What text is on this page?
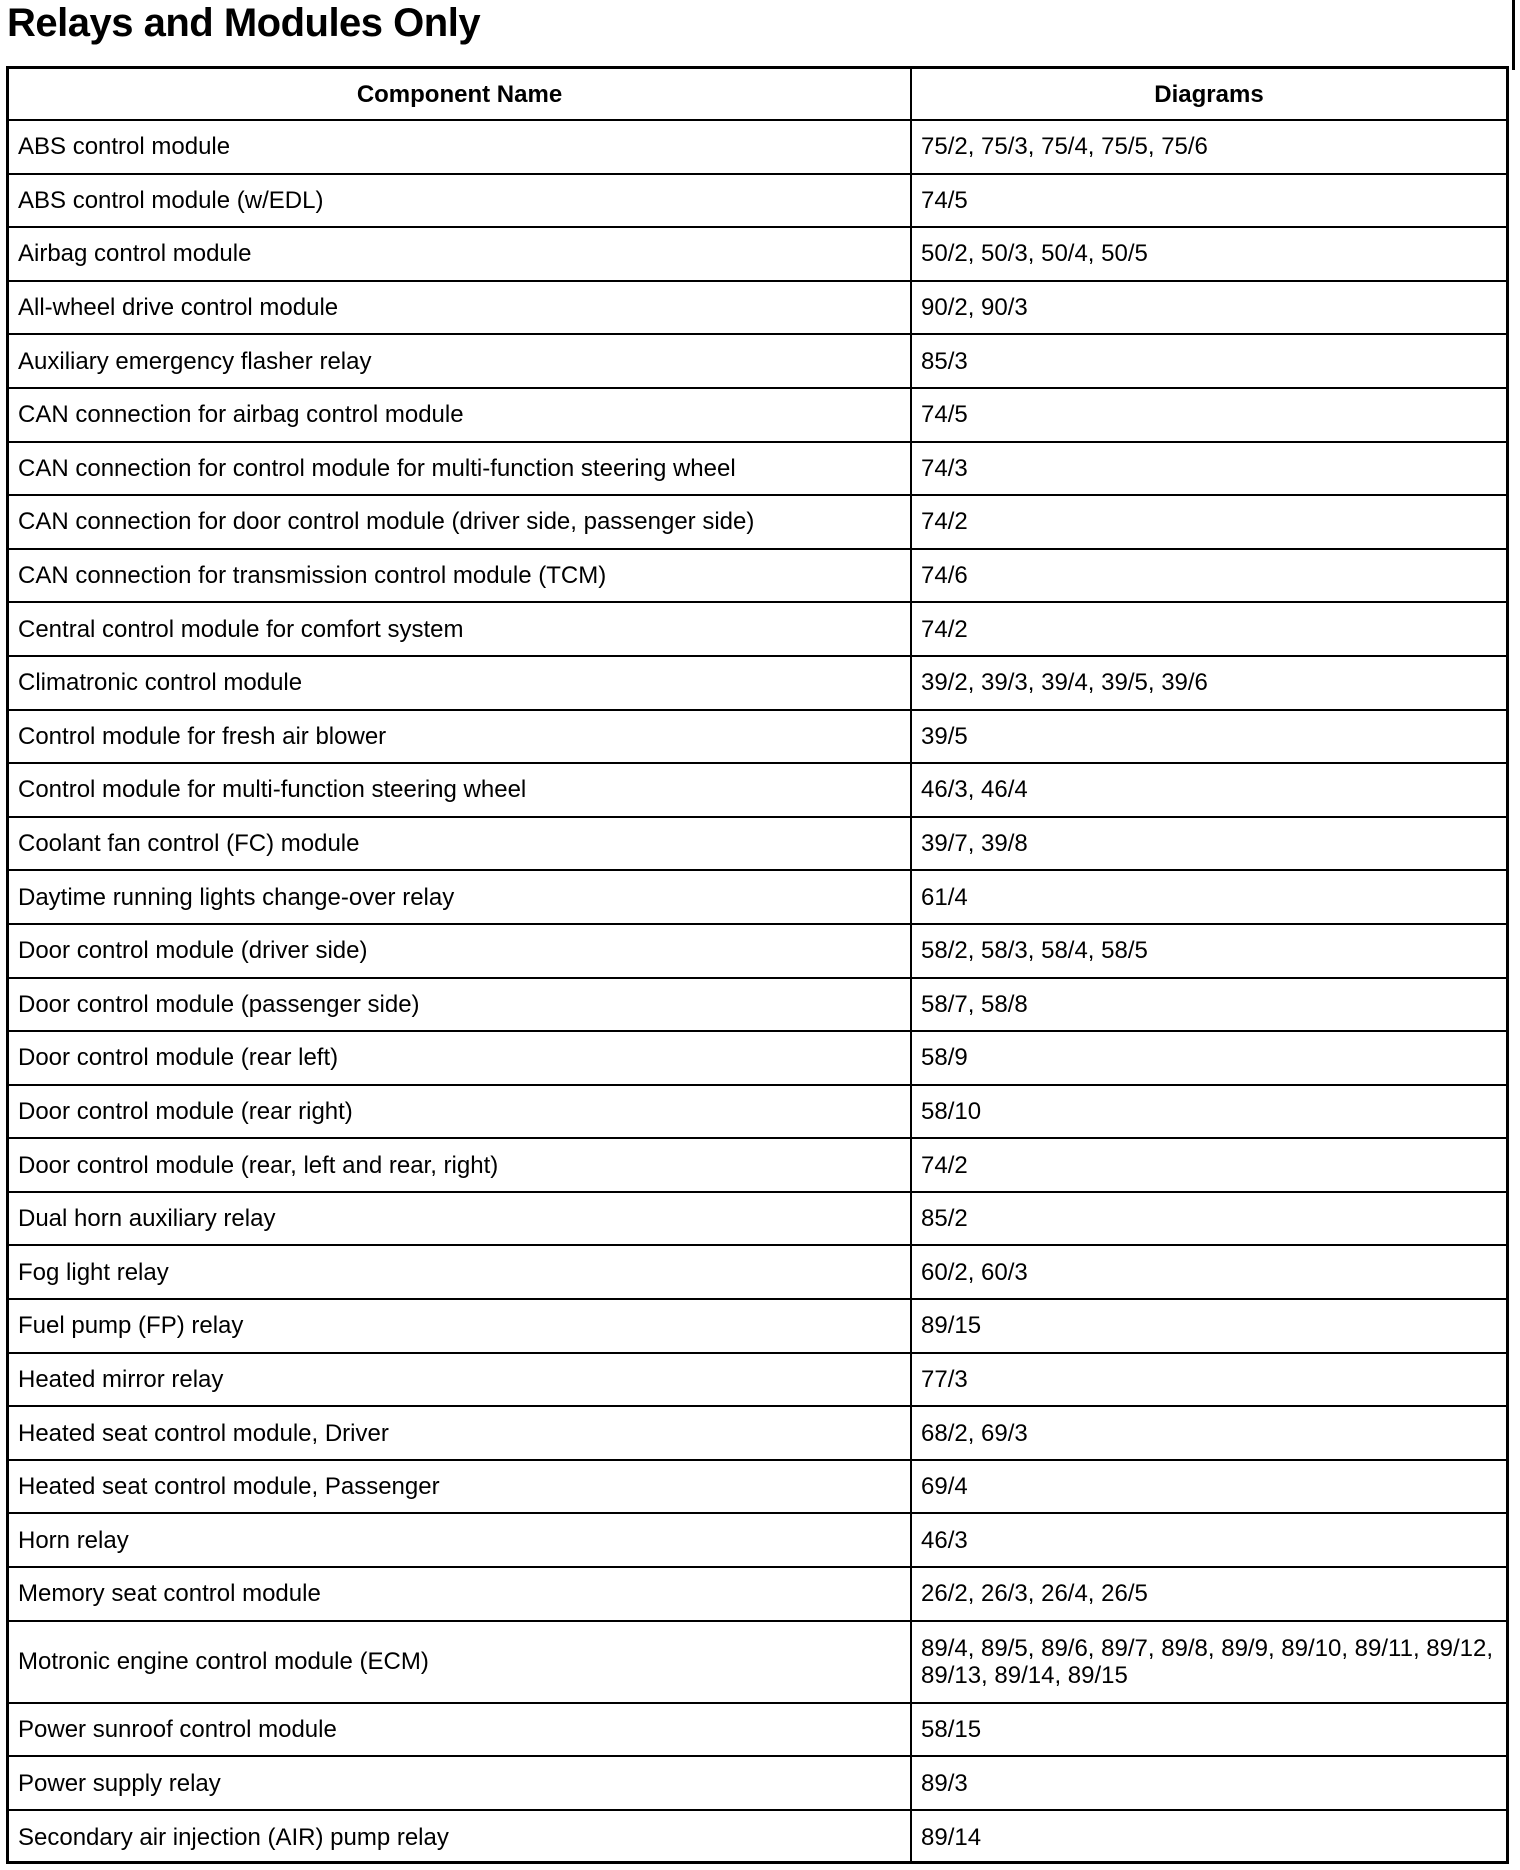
Relays and Modules Only
Component Name	Diagrams
ABS control module	75/2, 75/3, 75/4, 75/5, 75/6
ABS control module (w/EDL)	74/5
Airbag control module	50/2, 50/3, 50/4, 50/5
All-wheel drive control module	90/2, 90/3
Auxiliary emergency flasher relay	85/3
CAN connection for airbag control module	74/5
CAN connection for control module for multi-function steering wheel	74/3
CAN connection for door control module (driver side, passenger side)	74/2
CAN connection for transmission control module (TCM)	74/6
Central control module for comfort system	74/2
Climatronic control module	39/2, 39/3, 39/4, 39/5, 39/6
Control module for fresh air blower	39/5
Control module for multi-function steering wheel	46/3, 46/4
Coolant fan control (FC) module	39/7, 39/8
Daytime running lights change-over relay	61/4
Door control module (driver side)	58/2, 58/3, 58/4, 58/5
Door control module (passenger side)	58/7, 58/8
Door control module (rear left)	58/9
Door control module (rear right)	58/10
Door control module (rear, left and rear, right)	74/2
Dual horn auxiliary relay	85/2
Fog light relay	60/2, 60/3
Fuel pump (FP) relay	89/15
Heated mirror relay	77/3
Heated seat control module, Driver	68/2, 69/3
Heated seat control module, Passenger	69/4
Horn relay	46/3
Memory seat control module	26/2, 26/3, 26/4, 26/5
Motronic engine control module (ECM)	89/4, 89/5, 89/6, 89/7, 89/8, 89/9, 89/10, 89/11, 89/12, 89/13, 89/14, 89/15
Power sunroof control module	58/15
Power supply relay	89/3
Secondary air injection (AIR) pump relay	89/14
